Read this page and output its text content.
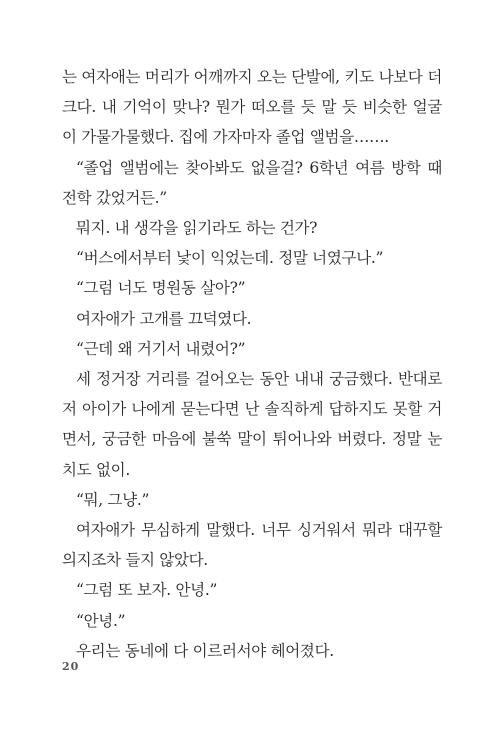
는 여자애는 머리가 어깨까지 오는 단발에, 키도 나보다 더 크다. 내 기억이 맞나? 뭔가 떠오를 듯 말 듯 비슷한 얼굴이 가물가물했다. 집에 가자마자 졸업 앨범을…….

“졸업 앨범에는 찾아봐도 없을걸? 6학년 여름 방학 때 전학 갔었거든.”

뭐지. 내 생각을 읽기라도 하는 건가?

“버스에서부터 낯이 익었는데. 정말 너였구나.”

“그럼 너도 명원동 살아?”

여자애가 고개를 끄덕였다.

“근데 왜 거기서 내렸어?”

세 정거장 거리를 걸어오는 동안 내내 궁금했다. 반대로 저 아이가 나에게 묻는다면 난 솔직하게 답하지도 못할 거면서, 궁금한 마음에 불쑥 말이 튀어나와 버렸다. 정말 눈치도 없이.

“뭐, 그냥.”

여자애가 무심하게 말했다. 너무 싱거워서 뭐라 대꾸할 의지조차 들지 않았다.

“그럼 또 보자. 안녕.”

“안녕.”

우리는 동네에 다 이르러서야 헤어졌다.

20
